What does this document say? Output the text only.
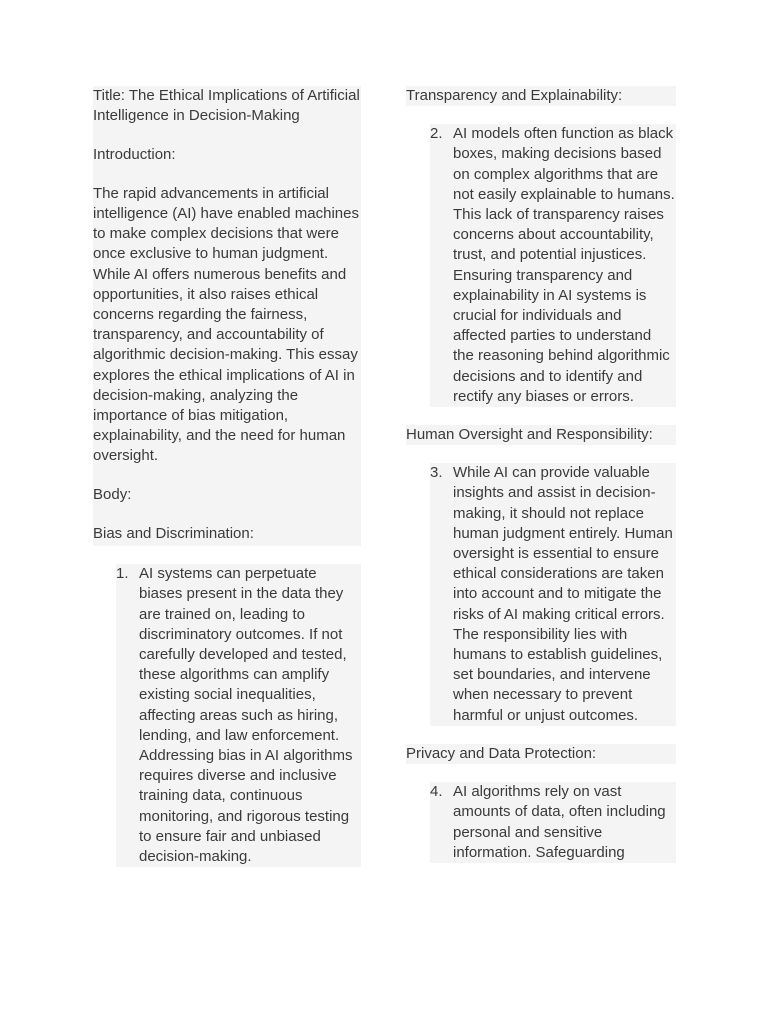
Title: The Ethical Implications of Artificial Intelligence in Decision-Making

Introduction:

The rapid advancements in artificial intelligence (AI) have enabled machines to make complex decisions that were once exclusive to human judgment. While AI offers numerous benefits and opportunities, it also raises ethical concerns regarding the fairness, transparency, and accountability of algorithmic decision-making. This essay explores the ethical implications of AI in decision-making, analyzing the importance of bias mitigation, explainability, and the need for human oversight.

Body:

Bias and Discrimination:

1. AI systems can perpetuate biases present in the data they are trained on, leading to discriminatory outcomes. If not carefully developed and tested, these algorithms can amplify existing social inequalities, affecting areas such as hiring, lending, and law enforcement. Addressing bias in AI algorithms requires diverse and inclusive training data, continuous monitoring, and rigorous testing to ensure fair and unbiased decision-making.

Transparency and Explainability:

2. AI models often function as black boxes, making decisions based on complex algorithms that are not easily explainable to humans. This lack of transparency raises concerns about accountability, trust, and potential injustices. Ensuring transparency and explainability in AI systems is crucial for individuals and affected parties to understand the reasoning behind algorithmic decisions and to identify and rectify any biases or errors.

Human Oversight and Responsibility:

3. While AI can provide valuable insights and assist in decision-making, it should not replace human judgment entirely. Human oversight is essential to ensure ethical considerations are taken into account and to mitigate the risks of AI making critical errors. The responsibility lies with humans to establish guidelines, set boundaries, and intervene when necessary to prevent harmful or unjust outcomes.

Privacy and Data Protection:

4. AI algorithms rely on vast amounts of data, often including personal and sensitive information. Safeguarding
